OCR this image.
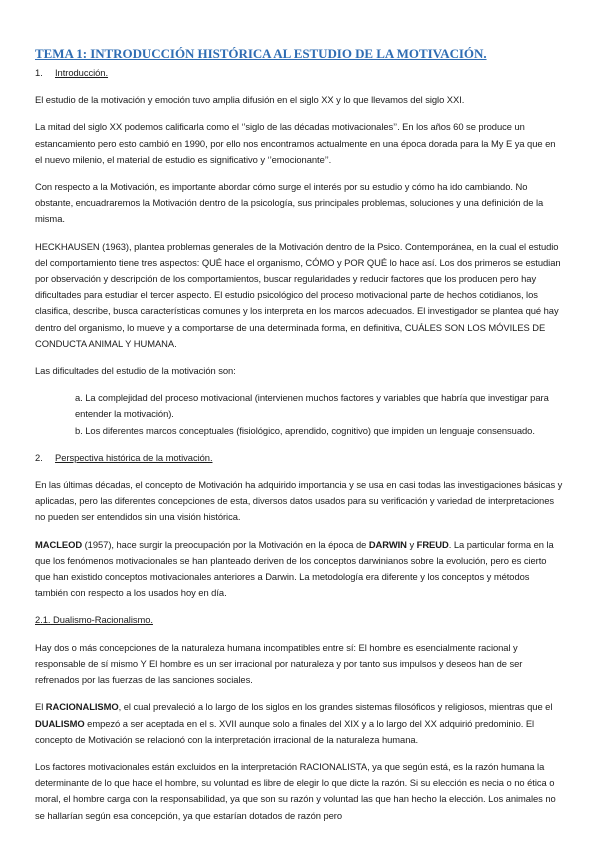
TEMA 1: INTRODUCCIÓN HISTÓRICA AL ESTUDIO DE LA MOTIVACIÓN.
1. Introducción.

El estudio de la motivación y emoción tuvo amplia difusión en el siglo XX y lo que llevamos del siglo XXI.

La mitad del siglo XX podemos calificarla como el ‘’siglo de las décadas motivacionales’’. En los años 60 se produce un estancamiento pero esto cambió en 1990, por ello nos encontramos actualmente en una época dorada para la My E ya que en el nuevo milenio, el material de estudio es significativo y ‘’emocionante’’.

Con respecto a la Motivación, es importante abordar cómo surge el interés por su estudio y cómo ha ido cambiando. No obstante, encuadraremos la Motivación dentro de la psicología, sus principales problemas, soluciones y una definición de la misma.

HECKHAUSEN (1963), plantea problemas generales de la Motivación dentro de la Psico. Contemporánea, en la cual el estudio del comportamiento tiene tres aspectos: QUÉ hace el organismo, CÓMO y POR QUÉ lo hace así. Los dos primeros se estudian por observación y descripción de los comportamientos, buscar regularidades y reducir factores que los producen pero hay dificultades para estudiar el tercer aspecto. El estudio psicológico del proceso motivacional parte de hechos cotidianos, los clasifica, describe, busca características comunes y los interpreta en los marcos adecuados. El investigador se plantea qué hay dentro del organismo, lo mueve y a comportarse de una determinada forma, en definitiva, CUÁLES SON LOS MÓVILES DE CONDUCTA ANIMAL Y HUMANA.

Las dificultades del estudio de la motivación son:

a. La complejidad del proceso motivacional (intervienen muchos factores y variables que habría que investigar para entender la motivación).
b. Los diferentes marcos conceptuales (fisiológico, aprendido, cognitivo) que impiden un lenguaje consensuado.
2. Perspectiva histórica de la motivación.

En las últimas décadas, el concepto de Motivación ha adquirido importancia y se usa en casi todas las investigaciones básicas y aplicadas, pero las diferentes concepciones de esta, diversos datos usados para su verificación y variedad de interpretaciones no pueden ser entendidos sin una visión histórica.

MACLEOD (1957), hace surgir la preocupación por la Motivación en la época de DARWIN y FREUD. La particular forma en la que los fenómenos motivacionales se han planteado deriven de los conceptos darwinianos sobre la evolución, pero es cierto que han existido conceptos motivacionales anteriores a Darwin. La metodología era diferente y los conceptos y métodos también con respecto a los usados hoy en día.

2.1. Dualismo-Racionalismo.

Hay dos o más concepciones de la naturaleza humana incompatibles entre sí: El hombre es esencialmente racional y responsable de sí mismo Y El hombre es un ser irracional por naturaleza y por tanto sus impulsos y deseos han de ser refrenados por las fuerzas de las sanciones sociales.

El RACIONALISMO, el cual prevaleció a lo largo de los siglos en los grandes sistemas filosóficos y religiosos, mientras que el DUALISMO empezó a ser aceptada en el s. XVII aunque solo a finales del XIX y a lo largo del XX adquirió predominio. El concepto de Motivación se relacionó con la interpretación irracional de la naturaleza humana.

Los factores motivacionales están excluidos en la interpretación RACIONALISTA, ya que según está, es la razón humana la determinante de lo que hace el hombre, su voluntad es libre de elegir lo que dicte la razón. Si su elección es necia o no ética o moral, el hombre carga con la responsabilidad, ya que son su razón y voluntad las que han hecho la elección. Los animales no se hallarían según esa concepción, ya que estarían dotados de razón pero
